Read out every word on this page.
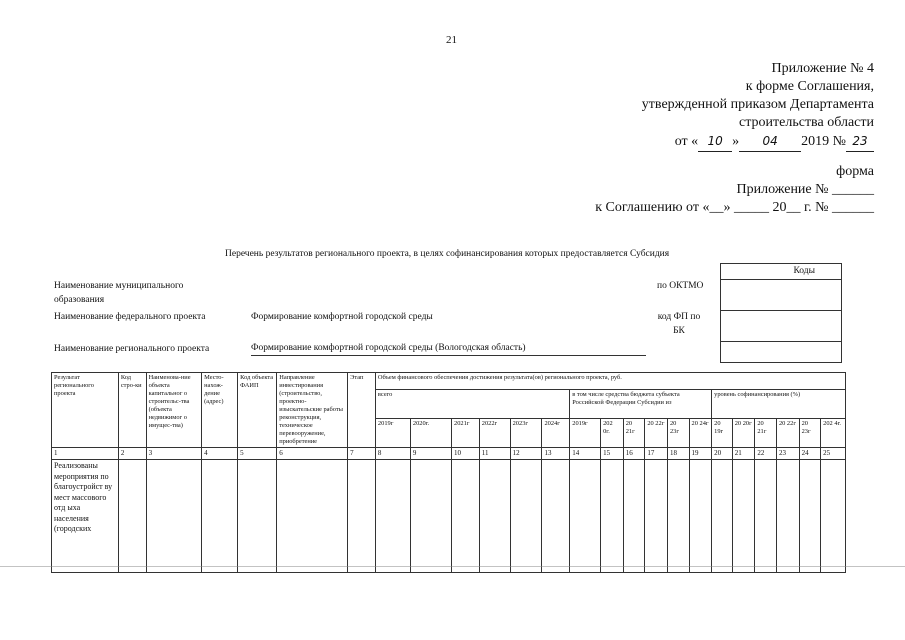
21
Приложение № 4
к форме Соглашения,
утвержденной приказом Департамента
строительства области
от « 10 » 04 2019 № 23
форма
Приложение № ______
к Соглашению от «__» _____ 20__ г. № ______
Перечень результатов регионального проекта, в целях софинансирования которых предоставляется Субсидия
Коды
Наименование муниципального
образования
по ОКТМО
Наименование федерального проекта	Формирование комфортной городской среды	код ФП по
БК
Наименование регионального проекта	Формирование комфортной городской среды (Вологодская область)
Результат регионального проекта	Код стро-ки	Наименова-ние объекта капитальног о строительс-тва (объекта недвижимог о имущес-тва)	Место-нахож-дение (адрес)	Код объекта ФАИП	Направление инвестирования (строительство, проектно-изыскательские работы реконструкция, техническое перевооружение, приобретение	Этап	Объем финансового обеспечения достижения результата(ов) регионального проекта, руб.																	
							всего						в том числе средства бюджета субъекта Российской Федерации Субсидии из						уровень софинансирования (%)					
							2019г	2020г.	2021г	2022г	2023г	2024г	2019г	202 0г.	20 21г	20 22г	20 23г	20 24г	20 19г	20 20г	20 21г	20 22г	20 23г	202 4г.
1	2	3	4	5	6	7	8	9	10	11	12	13	14	15	16	17	18	19	20	21	22	23	24	25
Реализованы мероприятия по благоустройст ву мест массового отд ыха населения (городских																								
